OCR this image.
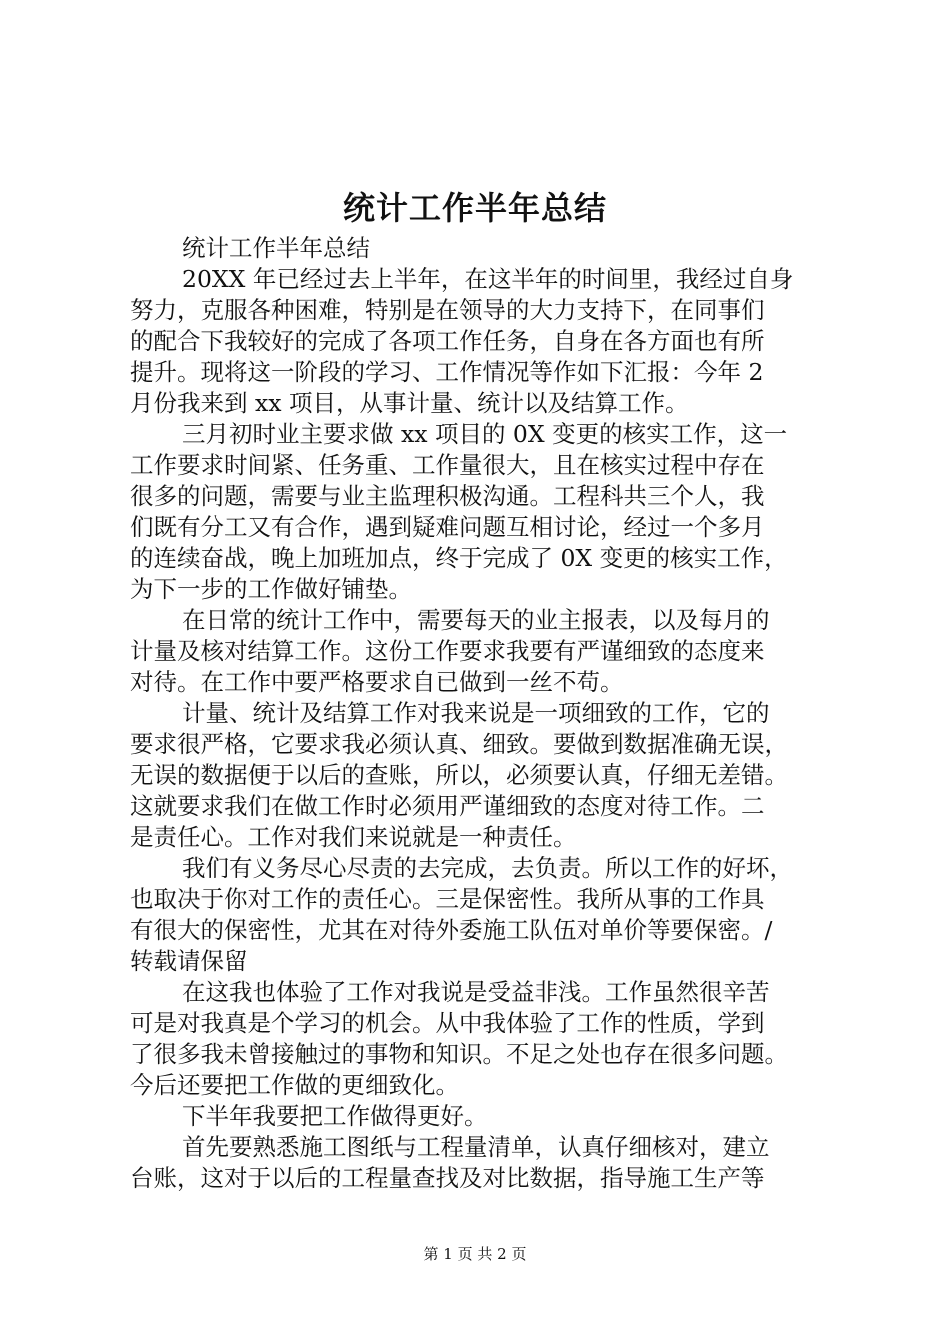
统计工作半年总结
统计工作半年总结
20XX 年已经过去上半年，在这半年的时间里，我经过自身
努力，克服各种困难，特别是在领导的大力支持下，在同事们
的配合下我较好的完成了各项工作任务，自身在各方面也有所
提升。现将这一阶段的学习、工作情况等作如下汇报：今年 2
月份我来到 xx 项目，从事计量、统计以及结算工作。
三月初时业主要求做 xx 项目的 0X 变更的核实工作，这一
工作要求时间紧、任务重、工作量很大，且在核实过程中存在
很多的问题，需要与业主监理积极沟通。工程科共三个人，我
们既有分工又有合作，遇到疑难问题互相讨论，经过一个多月
的连续奋战，晚上加班加点，终于完成了 0X 变更的核实工作，
为下一步的工作做好铺垫。
在日常的统计工作中，需要每天的业主报表，以及每月的
计量及核对结算工作。这份工作要求我要有严谨细致的态度来
对待。在工作中要严格要求自已做到一丝不苟。
计量、统计及结算工作对我来说是一项细致的工作，它的
要求很严格，它要求我必须认真、细致。要做到数据准确无误，
无误的数据便于以后的查账，所以，必须要认真，仔细无差错。
这就要求我们在做工作时必须用严谨细致的态度对待工作。二
是责任心。工作对我们来说就是一种责任。
我们有义务尽心尽责的去完成，去负责。所以工作的好坏，
也取决于你对工作的责任心。三是保密性。我所从事的工作具
有很大的保密性，尤其在对待外委施工队伍对单价等要保密。/
转载请保留
在这我也体验了工作对我说是受益非浅。工作虽然很辛苦
可是对我真是个学习的机会。从中我体验了工作的性质，学到
了很多我未曾接触过的事物和知识。不足之处也存在很多问题。
今后还要把工作做的更细致化。
下半年我要把工作做得更好。
首先要熟悉施工图纸与工程量清单，认真仔细核对，建立
台账，这对于以后的工程量查找及对比数据，指导施工生产等
第 1 页 共 2 页
